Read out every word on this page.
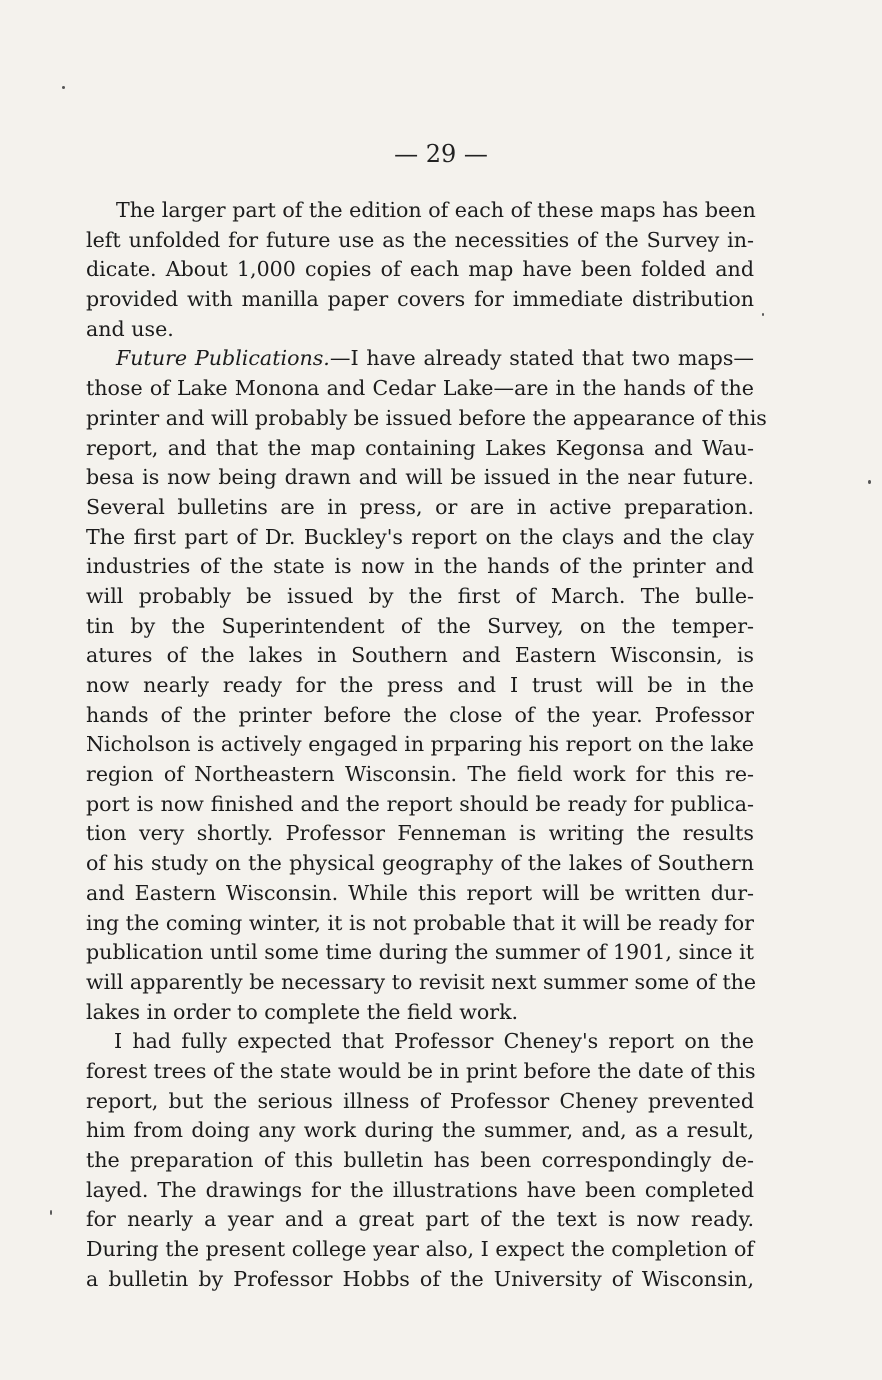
— 29 —
The larger part of the edition of each of these maps has been
left unfolded for future use as the necessities of the Survey in-
dicate. About 1,000 copies of each map have been folded and
provided with manilla paper covers for immediate distribution
and use.
Future Publications.—I have already stated that two maps—
those of Lake Monona and Cedar Lake—are in the hands of the
printer and will probably be issued before the appearance of this
report, and that the map containing Lakes Kegonsa and Wau-
besa is now being drawn and will be issued in the near future.
Several bulletins are in press, or are in active preparation.
The first part of Dr. Buckley's report on the clays and the clay
industries of the state is now in the hands of the printer and
will probably be issued by the first of March. The bulle-
tin by the Superintendent of the Survey, on the temper-
atures of the lakes in Southern and Eastern Wisconsin, is
now nearly ready for the press and I trust will be in the
hands of the printer before the close of the year. Professor
Nicholson is actively engaged in prparing his report on the lake
region of Northeastern Wisconsin. The field work for this re-
port is now finished and the report should be ready for publica-
tion very shortly. Professor Fenneman is writing the results
of his study on the physical geography of the lakes of Southern
and Eastern Wisconsin. While this report will be written dur-
ing the coming winter, it is not probable that it will be ready for
publication until some time during the summer of 1901, since it
will apparently be necessary to revisit next summer some of the
lakes in order to complete the field work.
I had fully expected that Professor Cheney's report on the
forest trees of the state would be in print before the date of this
report, but the serious illness of Professor Cheney prevented
him from doing any work during the summer, and, as a result,
the preparation of this bulletin has been correspondingly de-
layed. The drawings for the illustrations have been completed
for nearly a year and a great part of the text is now ready.
During the present college year also, I expect the completion of
a bulletin by Professor Hobbs of the University of Wisconsin,
